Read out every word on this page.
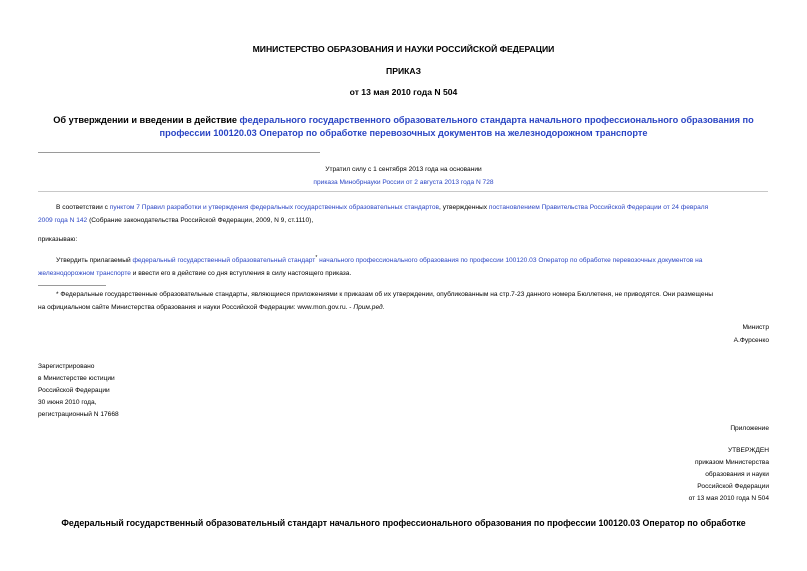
МИНИСТЕРСТВО ОБРАЗОВАНИЯ И НАУКИ РОССИЙСКОЙ ФЕДЕРАЦИИ
ПРИКАЗ
от 13 мая 2010 года N 504
Об утверждении и введении в действие федерального государственного образовательного стандарта начального профессионального образования по
профессии 100120.03 Оператор по обработке перевозочных документов на железнодорожном транспорте
Утратил силу с 1 сентября 2013 года на основании
приказа Минобрнауки России от 2 августа 2013 года N 728
В соответствии с пунктом 7 Правил разработки и утверждения федеральных государственных образовательных стандартов, утвержденных постановлением Правительства Российской Федерации от 24 февраля
2009 года N 142 (Собрание законодательства Российской Федерации, 2009, N 9, ст.1110),
приказываю:
Утвердить прилагаемый федеральный государственный образовательный стандарт* начального профессионального образования по профессии 100120.03 Оператор по обработке перевозочных документов на
железнодорожном транспорте и ввести его в действие со дня вступления в силу настоящего приказа.
* Федеральные государственные образовательные стандарты, являющиеся приложениями к приказам об их утверждении, опубликованным на стр.7-23 данного номера Бюллетеня, не приводятся. Они размещены
на официальном сайте Министерства образования и науки Российской Федерации: www.mon.gov.ru. - Прим.ред.
Министр
А.Фурсенко
Зарегистрировано
в Министерстве юстиции
Российской Федерации
30 июня 2010 года,
регистрационный N 17668
Приложение
УТВЕРЖДЕН
приказом Министерства
образования и науки
Российской Федерации
от 13 мая 2010 года N 504
Федеральный государственный образовательный стандарт начального профессионального образования по профессии 100120.03 Оператор по обработке
